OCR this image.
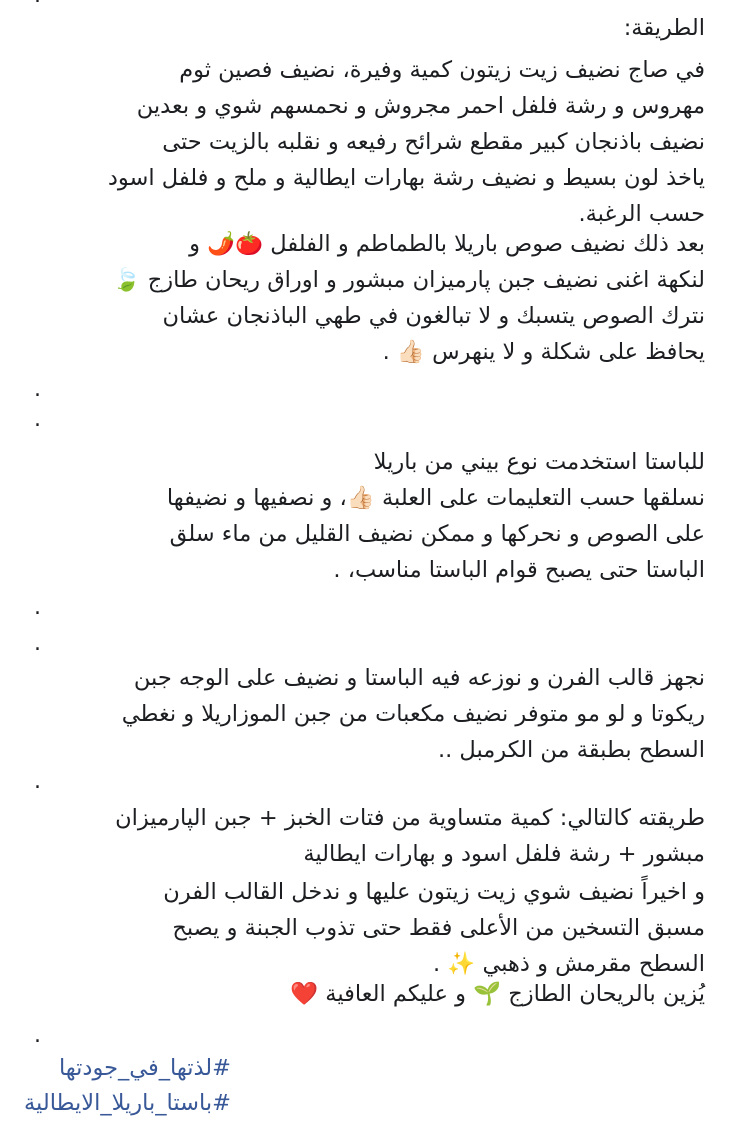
الطريقة:
في صاج نضيف زيت زيتون كمية وفيرة، نضيف فصين ثوم
مهروس و رشة فلفل احمر مجروش و نحمسهم شوي و بعدين
نضيف باذنجان كبير مقطع شرائح رفيعه و نقلبه بالزيت حتى
ياخذ لون بسيط و نضيف رشة بهارات ايطالية و ملح و فلفل اسود
حسب الرغبة.
بعد ذلك نضيف صوص باريلا بالطماطم و الفلفل 🍅🌶️ و
لنكهة اغنى نضيف جبن پارميزان مبشور و اوراق ريحان طازج 🍃
نترك الصوص يتسبك و لا تبالغون في طهي الباذنجان عشان
يحافظ على شكلة و لا ينهرس 👍🏻 .
.
.
للباستا استخدمت نوع بيني من باريلا
نسلقها حسب التعليمات على العلبة 👍🏻، و نصفيها و نضيفها
على الصوص و نحركها و ممكن نضيف القليل من ماء سلق
الباستا حتى يصبح قوام الباستا مناسب، .
.
.
نجهز قالب الفرن و نوزعه فيه الباستا و نضيف على الوجه جبن
ريكوتا و لو مو متوفر نضيف مكعبات من جبن الموزاريلا و نغطي
السطح بطبقة من الكرمبل ..
.
طريقته كالتالي: كمية متساوية من فتات الخبز + جبن الپارميزان
مبشور + رشة فلفل اسود و بهارات ايطالية
و اخيراً نضيف شوي زيت زيتون عليها و ندخل القالب الفرن
مسبق التسخين من الأعلى فقط حتى تذوب الجبنة و يصبح
السطح مقرمش و ذهبي ✨ .
يُزين بالريحان الطازج 🌱 و عليكم العافية ❤️
.
#لذتها_في_جودتها
#باستا_باريلا_الايطالية
